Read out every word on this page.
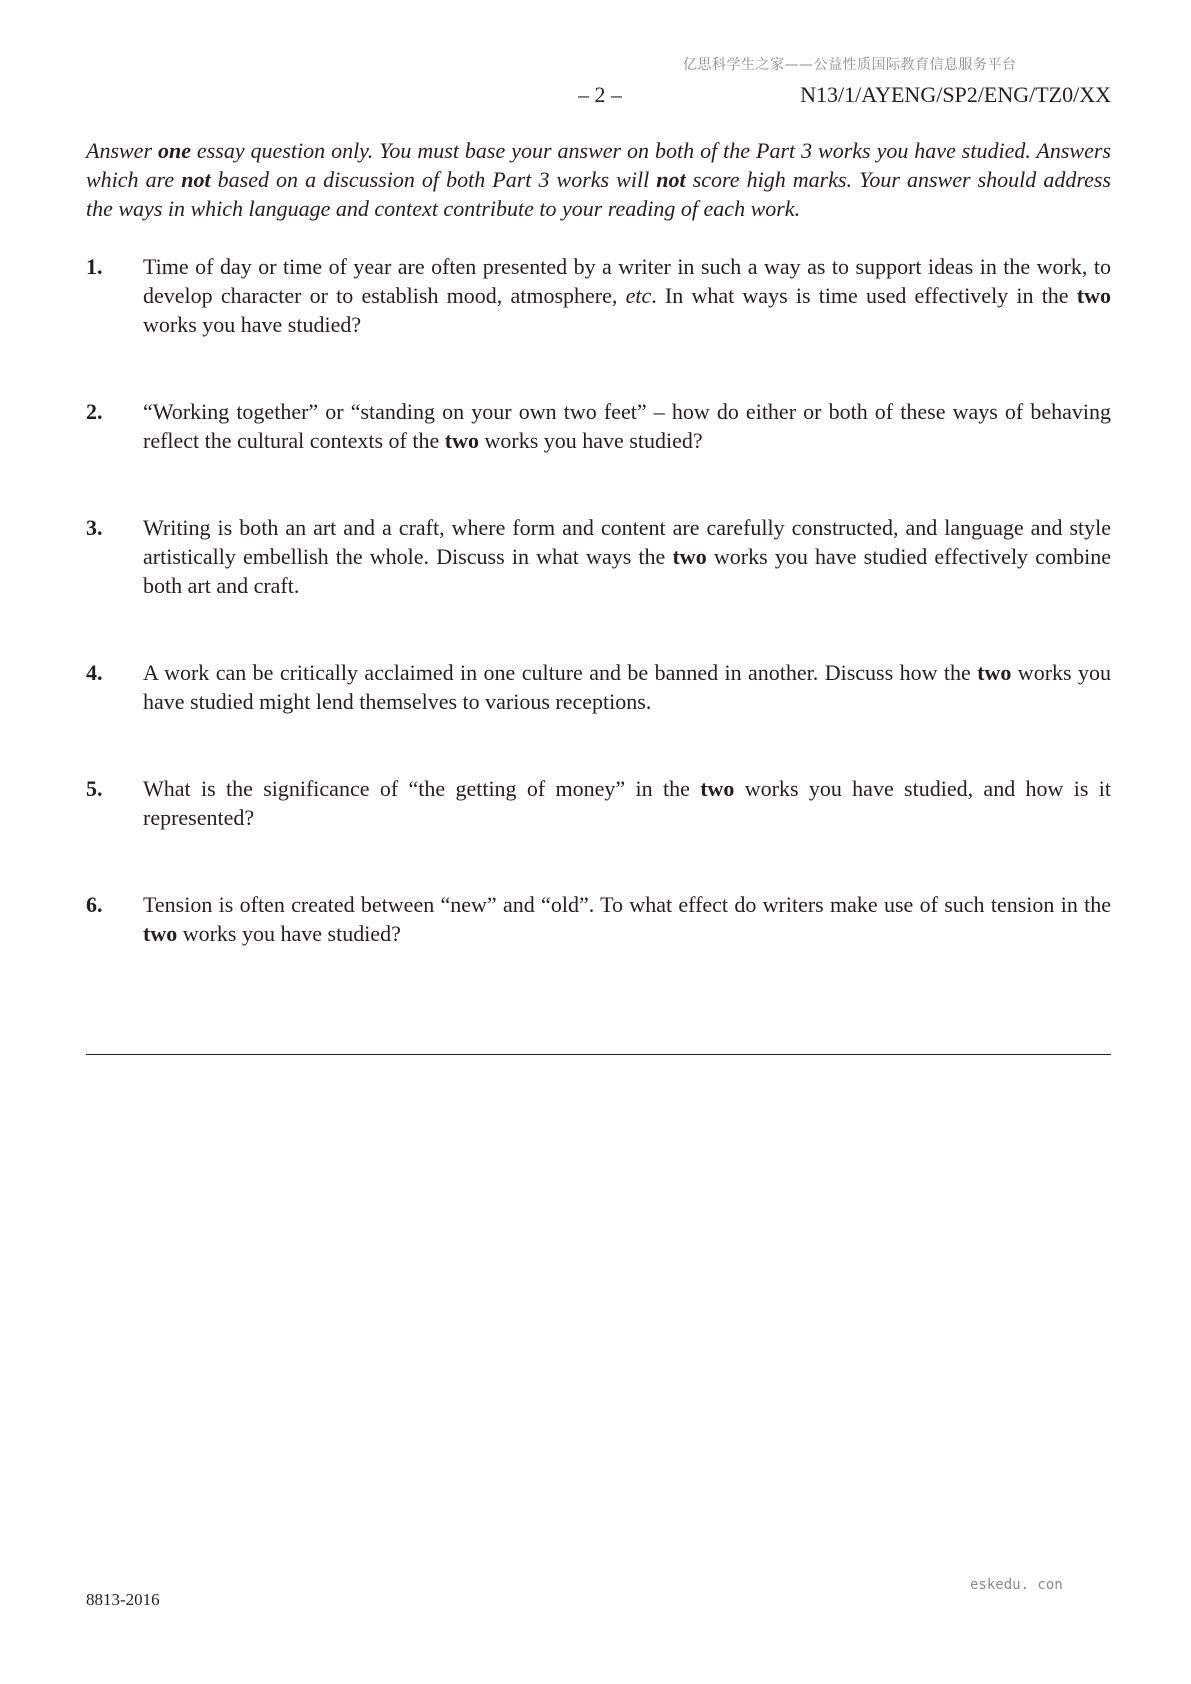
亿思科学生之家——公益性质国际教育信息服务平台
– 2 –	N13/1/AYENG/SP2/ENG/TZ0/XX
Answer one essay question only. You must base your answer on both of the Part 3 works you have studied. Answers which are not based on a discussion of both Part 3 works will not score high marks. Your answer should address the ways in which language and context contribute to your reading of each work.
1. Time of day or time of year are often presented by a writer in such a way as to support ideas in the work, to develop character or to establish mood, atmosphere, etc. In what ways is time used effectively in the two works you have studied?
2. “Working together” or “standing on your own two feet” – how do either or both of these ways of behaving reflect the cultural contexts of the two works you have studied?
3. Writing is both an art and a craft, where form and content are carefully constructed, and language and style artistically embellish the whole. Discuss in what ways the two works you have studied effectively combine both art and craft.
4. A work can be critically acclaimed in one culture and be banned in another. Discuss how the two works you have studied might lend themselves to various receptions.
5. What is the significance of “the getting of money” in the two works you have studied, and how is it represented?
6. Tension is often created between “new” and “old”. To what effect do writers make use of such tension in the two works you have studied?
8813-2016
eskedu. con
